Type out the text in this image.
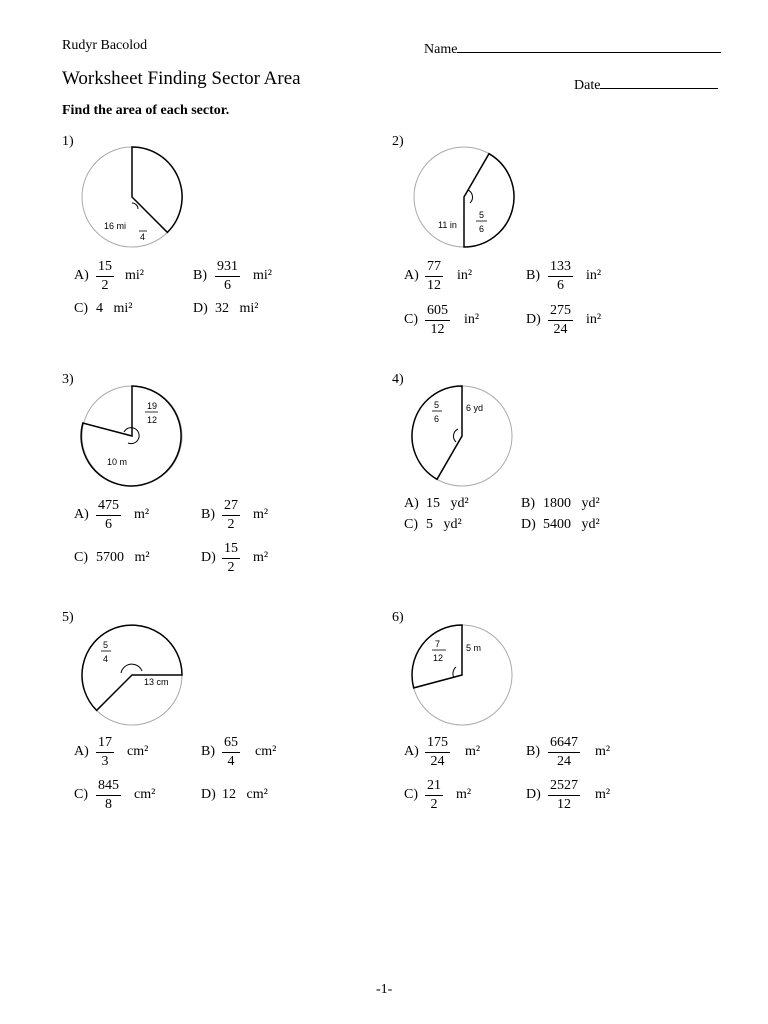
Rudyr Bacolod	Name
Worksheet Finding Sector Area	Date
Find the area of each sector.
1)
16 mi
4
2)
11 in
5
6
3)
19
12
10 m
4)
5
6
6 yd
5)
5
4
13 cm
6)
7
12
5 m
$A) \frac{15}{2} mi^2$	$B) \frac{931}{6} mi^2$
C) 4   mi²	D) 32   mi²
$A) \frac{77}{12} in^2$	$B) \frac{133}{6} in^2$
$C) \frac{605}{12} in^2$	$D) \frac{275}{24} in^2$
$A) \frac{475}{6} m^2$	$B) \frac{27}{2} m^2$
C) 5700   m²	$D) \frac{15}{2} m^2$
A) 15   yd²	B) 1800   yd²
C) 5   yd²	D) 5400   yd²
$A) \frac{17}{3} cm^2$	$B) \frac{65}{4} cm^2$
$C) \frac{845}{8} cm^2$	D) 12   cm²
$A) \frac{175}{24} m^2$	$B) \frac{6647}{24} m^2$
$C) \frac{21}{2} m^2$	$D) \frac{2527}{12} m^2$
-1-
